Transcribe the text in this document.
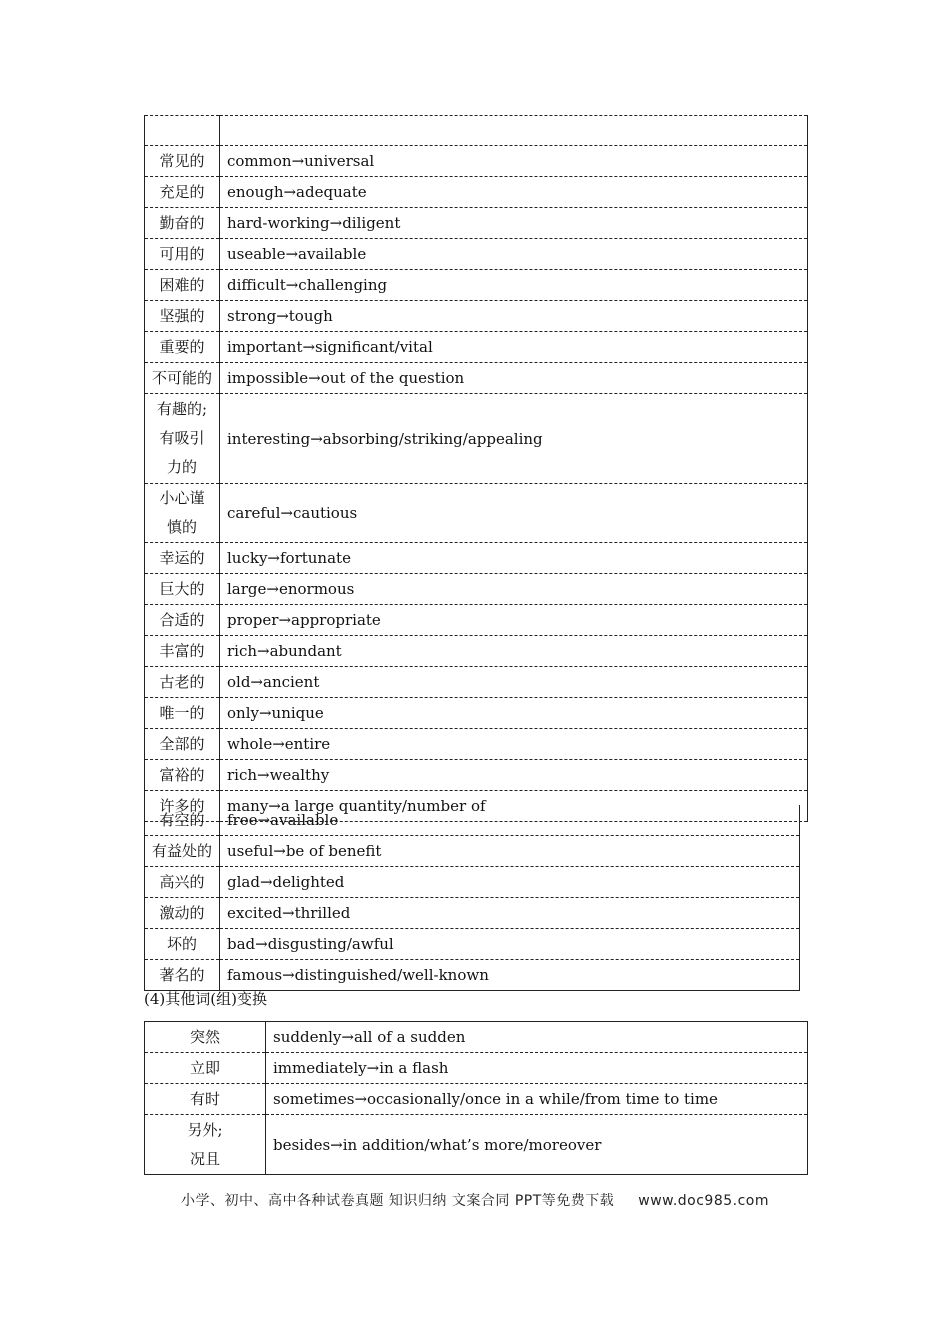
常见的	common→universal
充足的	enough→adequate
勤奋的	hard-working→diligent
可用的	useable→available
困难的	difficult→challenging
坚强的	strong→tough
重要的	important→significant/vital
不可能的	impossible→out of the question
有趣的;
有吸引
力的	interesting→absorbing/striking/appealing
小心谨
慎的	careful→cautious
幸运的	lucky→fortunate
巨大的	large→enormous
合适的	proper→appropriate
丰富的	rich→abundant
古老的	old→ancient
唯一的	only→unique
全部的	whole→entire
富裕的	rich→wealthy
许多的	many→a large quantity/number of
有空的	free→available
有益处的	useful→be of benefit
高兴的	glad→delighted
激动的	excited→thrilled
坏的	bad→disgusting/awful
著名的	famous→distinguished/well-known
(4)其他词(组)变换
突然	suddenly→all of a sudden
立即	immediately→in a flash
有时	sometimes→occasionally/once in a while/from time to time
另外;
况且	besides→in addition/what’s more/moreover
小学、初中、高中各种试卷真题 知识归纳 文案合同 PPT等免费下载 www.doc985.com
